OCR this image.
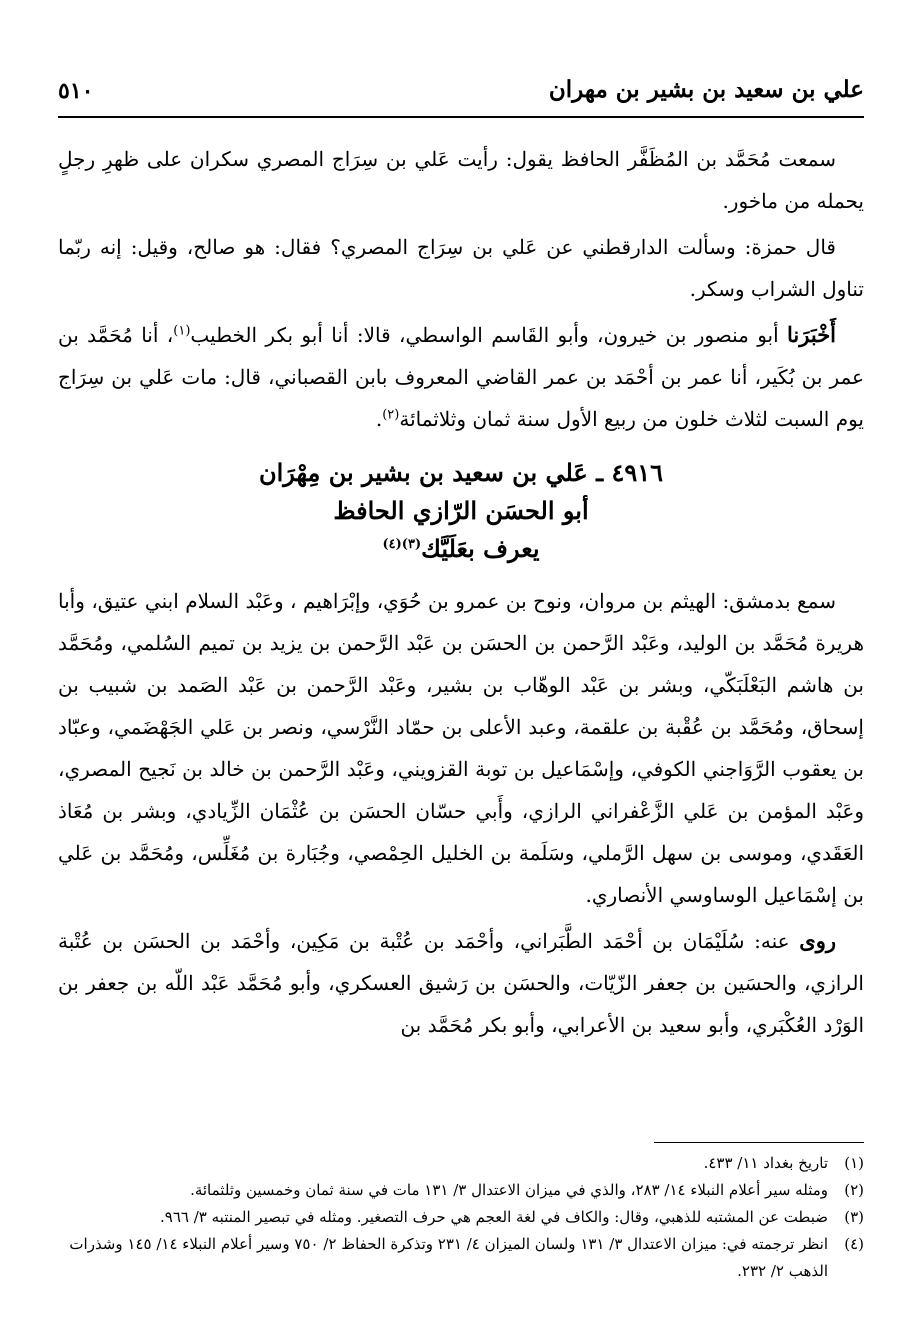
علي بن سعيد بن بشير بن مهران
٥١٠

سمعت مُحَمَّد بن المُظَفَّر الحافظ يقول: رأيت عَلي بن سِرَاج المصري سكران على ظهرِ رجلٍ يحمله من ماخور.

قال حمزة: وسألت الدارقطني عن عَلي بن سِرَاج المصري؟ فقال: هو صالح، وقيل: إنه ربّما تناول الشراب وسكر.

أَخْبَرَنا أبو منصور بن خيرون، وأبو القَاسم الواسطي، قالا: أنا أبو بكر الخطيب$^{(١)}$، أنا مُحَمَّد بن عمر بن بُكَير، أنا عمر بن أحْمَد بن عمر القاضي المعروف بابن القصباني، قال: مات عَلي بن سِرَاج يوم السبت لثلاث خلون من ربيع الأول سنة ثمان وثلاثمائة$^{(٢)}$.

٤٩١٦ ـ عَلي بن سعيد بن بشير بن مِهْرَان
أبو الحسَن الرّازي الحافظ
يعرف بعَلَيَّك$^{(٣)(٤)}$

سمع بدمشق: الهيثم بن مروان، ونوح بن عمرو بن حُوَي، وإبْرَاهيم ، وعَبْد السلام ابني عتيق، وأبا هريرة مُحَمَّد بن الوليد، وعَبْد الرَّحمن بن الحسَن بن عَبْد الرَّحمن بن يزيد بن تميم السُلمي، ومُحَمَّد بن هاشم البَعْلَبَكّي، وبشر بن عَبْد الوهّاب بن بشير، وعَبْد الرَّحمن بن عَبْد الصَمد بن شبيب بن إسحاق، ومُحَمَّد بن عُقْبة بن علقمة، وعبد الأعلى بن حمّاد النَّرْسي، ونصر بن عَلي الجَهْضَمي، وعبّاد بن يعقوب الرَّوَاجني الكوفي، وإسْمَاعيل بن توبة القزويني، وعَبْد الرَّحمن بن خالد بن نَجيح المصري، وعَبْد المؤمن بن عَلي الزَّعْفراني الرازي، وأَبي حسّان الحسَن بن عُثْمَان الزِّيادي، وبشر بن مُعَاذ العَقَدي، وموسى بن سهل الرَّملي، وسَلَمة بن الخليل الحِمْصي، وجُبَارة بن مُغَلِّس، ومُحَمَّد بن عَلي بن إسْمَاعيل الوساوسي الأنصاري.

روى عنه: سُلَيْمَان بن أحْمَد الطَّبَراني، وأحْمَد بن عُتْبة بن مَكِين، وأحْمَد بن الحسَن بن عُتْبة الرازي، والحسَين بن جعفر الزّيّات، والحسَن بن رَشيق العسكري، وأبو مُحَمَّد عَبْد اللّه بن جعفر بن الوَرْد العُكْبَري، وأبو سعيد بن الأعرابي، وأبو بكر مُحَمَّد بن

(١)
تاريخ بغداد ١١/ ٤٣٣.
(٢)
ومثله سير أعلام النبلاء ١٤/ ٢٨٣، والذي في ميزان الاعتدال ٣/ ١٣١ مات في سنة ثمان وخمسين وثلثمائة.
(٣)
ضبطت عن المشتبه للذهبي، وقال: والكاف في لغة العجم هي حرف التصغير. ومثله في تبصير المنتبه ٣/ ٩٦٦.
(٤)
انظر ترجمته في: ميزان الاعتدال ٣/ ١٣١ ولسان الميزان ٤/ ٢٣١ وتذكرة الحفاظ ٢/ ٧٥٠ وسير أعلام النبلاء ١٤/ ١٤٥ وشذرات الذهب ٢/ ٢٣٢.
